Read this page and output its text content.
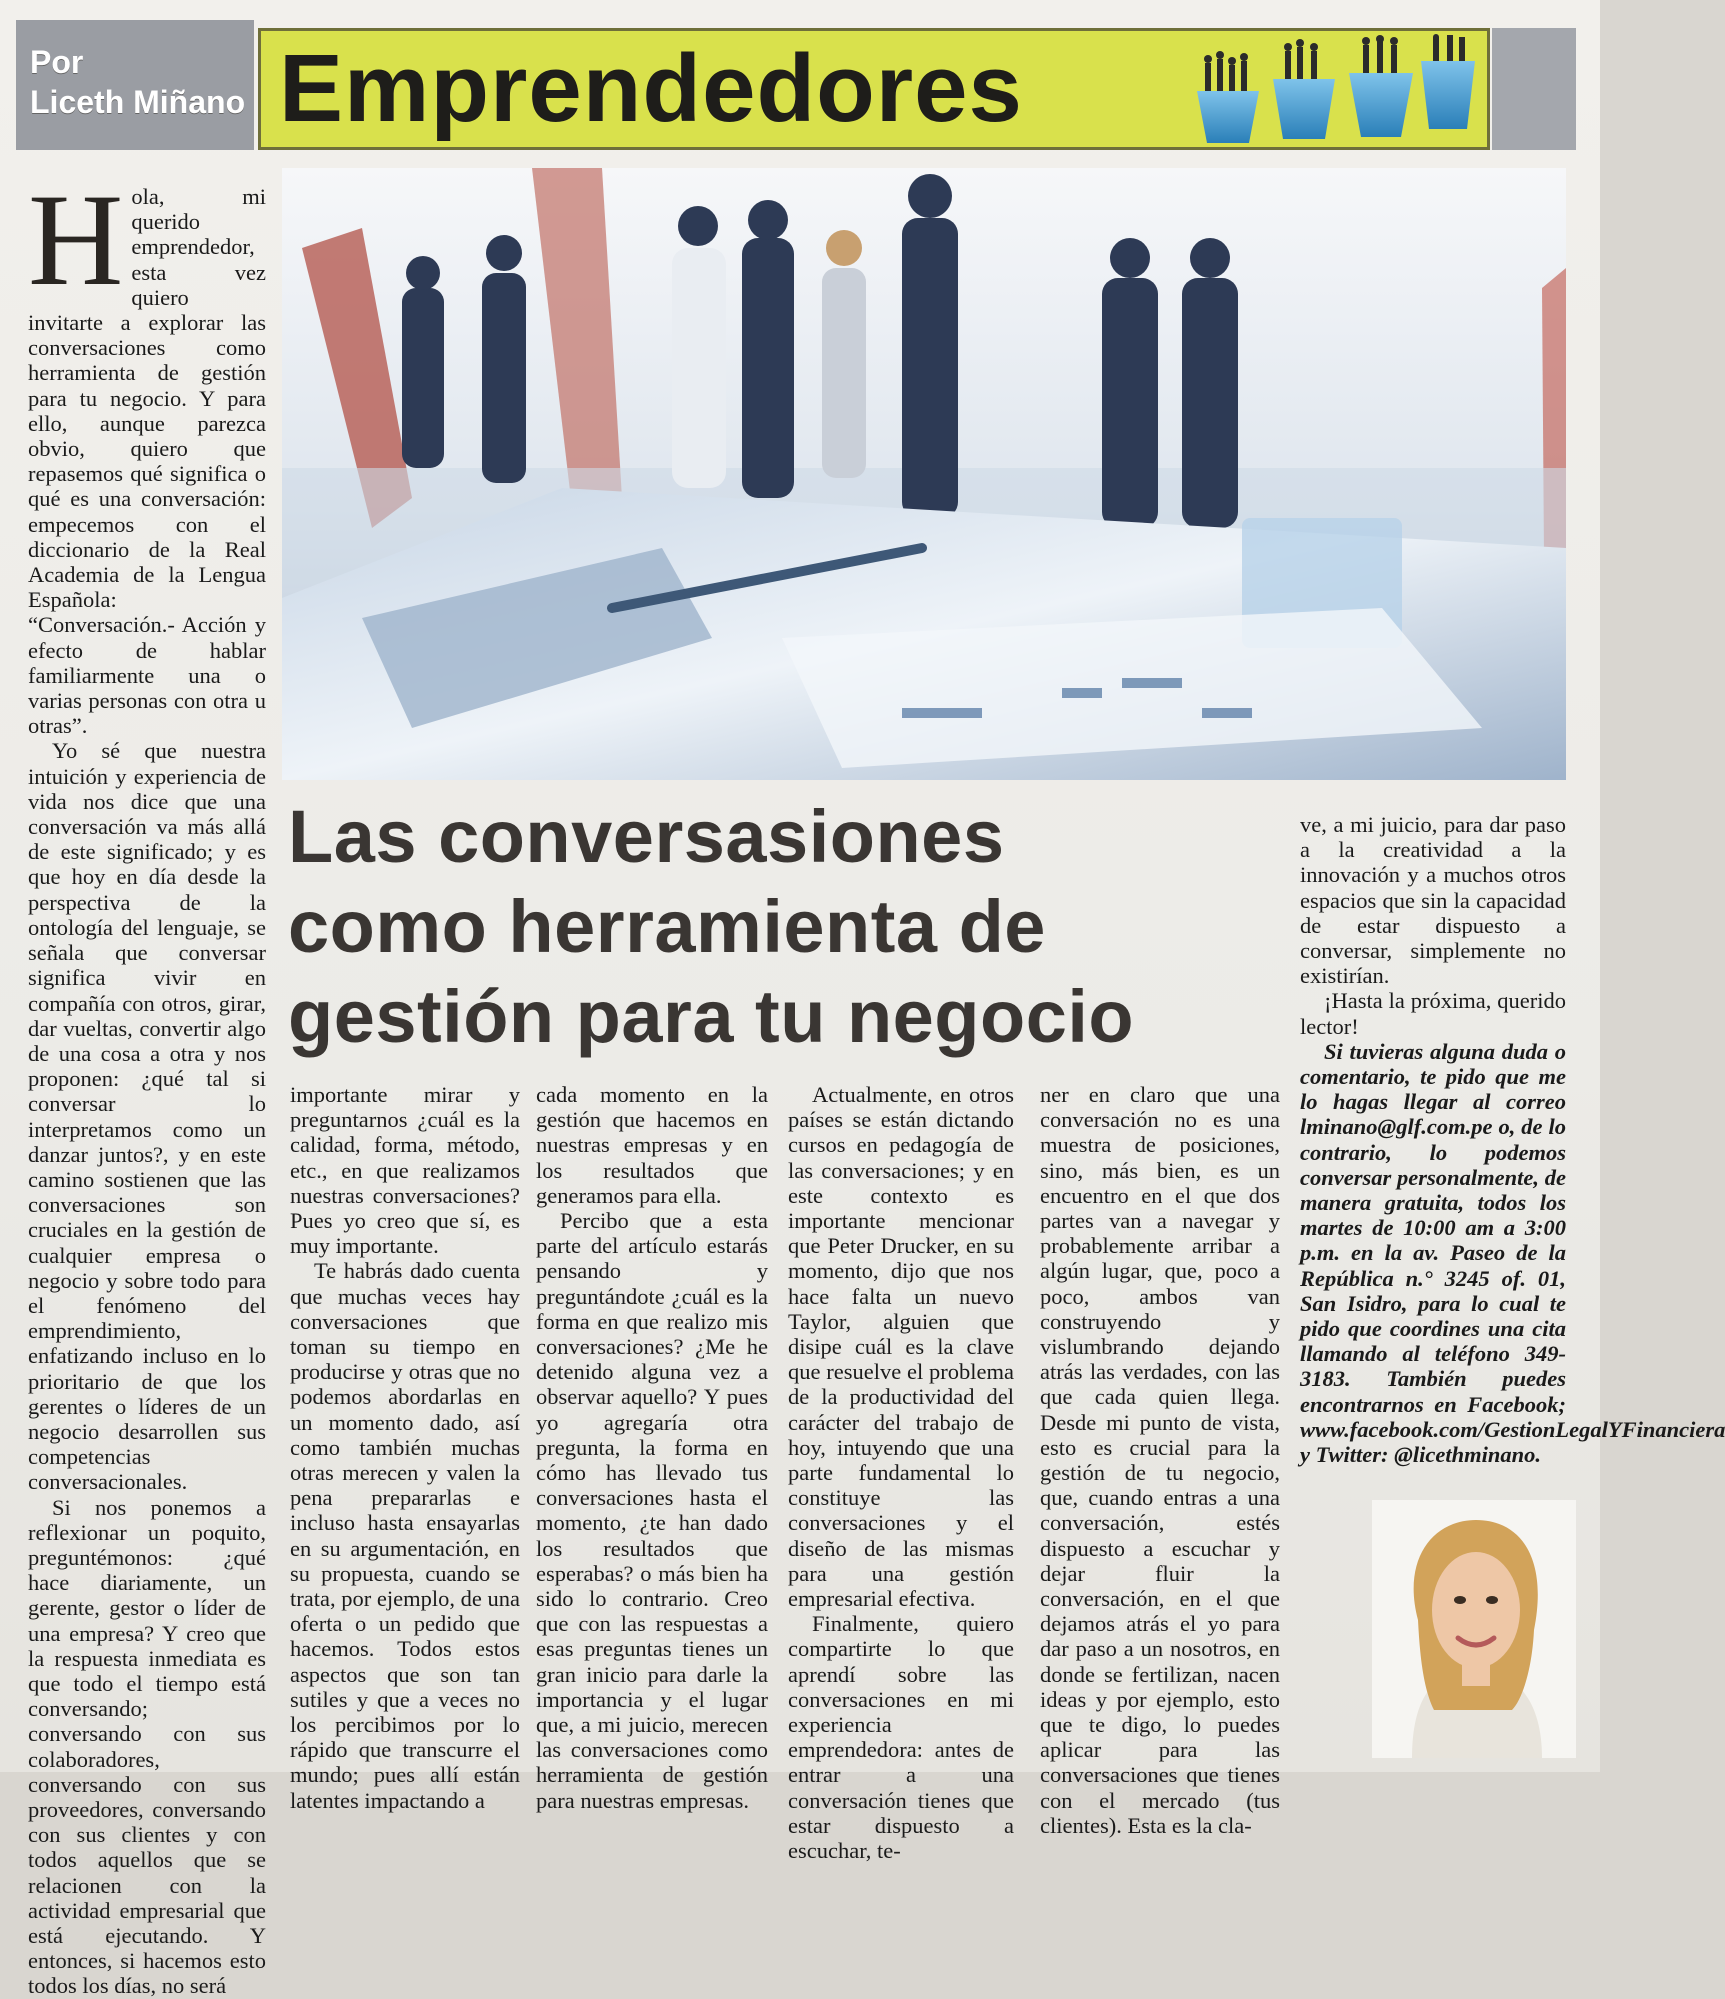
Por
Liceth Miñano Emprendedores
Las conversasiones
como herramienta de
gestión para tu negocio

Hola, mi querido emprendedor, esta vez quiero invitarte a explorar las conversaciones como herramienta de gestión para tu negocio. Y para ello, aunque parezca obvio, quiero que repasemos qué significa o qué es una conversación: empecemos con el diccionario de la Real Academia de la Lengua Española: “Conversación.- Acción y efecto de hablar familiarmente una o varias personas con otra u otras”.

Yo sé que nuestra intuición y experiencia de vida nos dice que una conversación va más allá de este significado; y es que hoy en día desde la perspectiva de la ontología del lenguaje, se señala que conversar significa vivir en compañía con otros, girar, dar vueltas, convertir algo de una cosa a otra y nos proponen: ¿qué tal si conversar lo interpretamos como un danzar juntos?, y en este camino sostienen que las conversaciones son cruciales en la gestión de cualquier empresa o negocio y sobre todo para el fenómeno del emprendimiento, enfatizando incluso en lo prioritario de que los gerentes o líderes de un negocio desarrollen sus competencias conversacionales.

Si nos ponemos a reflexionar un poquito, preguntémonos: ¿qué hace diariamente, un gerente, gestor o líder de una empresa? Y creo que la respuesta inmediata es que todo el tiempo está conversando; conversando con sus colaboradores, conversando con sus proveedores, conversando con sus clientes y con todos aquellos que se relacionen con la actividad empresarial que está ejecutando. Y entonces, si hacemos esto todos los días, no será

importante mirar y preguntarnos ¿cuál es la calidad, forma, método, etc., en que realizamos nuestras conversaciones? Pues yo creo que sí, es muy importante.

Te habrás dado cuenta que muchas veces hay conversaciones que toman su tiempo en producirse y otras que no podemos abordarlas en un momento dado, así como también muchas otras merecen y valen la pena prepararlas e incluso hasta ensayarlas en su argumentación, en su propuesta, cuando se trata, por ejemplo, de una oferta o un pedido que hacemos. Todos estos aspectos que son tan sutiles y que a veces no los percibimos por lo rápido que transcurre el mundo; pues allí están latentes impactando a

cada momento en la gestión que hacemos en nuestras empresas y en los resultados que generamos para ella.

Percibo que a esta parte del artículo estarás pensando y preguntándote ¿cuál es la forma en que realizo mis conversaciones? ¿Me he detenido alguna vez a observar aquello? Y pues yo agregaría otra pregunta, la forma en cómo has llevado tus conversaciones hasta el momento, ¿te han dado los resultados que esperabas? o más bien ha sido lo contrario. Creo que con las respuestas a esas preguntas tienes un gran inicio para darle la importancia y el lugar que, a mi juicio, merecen las conversaciones como herramienta de gestión para nuestras empresas.

Actualmente, en otros países se están dictando cursos en pedagogía de las conversaciones; y en este contexto es importante mencionar que Peter Drucker, en su momento, dijo que nos hace falta un nuevo Taylor, alguien que disipe cuál es la clave que resuelve el problema de la productividad del carácter del trabajo de hoy, intuyendo que una parte fundamental lo constituye las conversaciones y el diseño de las mismas para una gestión empresarial efectiva.

Finalmente, quiero compartirte lo que aprendí sobre las conversaciones en mi experiencia emprendedora: antes de entrar a una conversación tienes que estar dispuesto a escuchar, te-

ner en claro que una conversación no es una muestra de posiciones, sino, más bien, es un encuentro en el que dos partes van a navegar y probablemente arribar a algún lugar, que, poco a poco, ambos van construyendo y vislumbrando dejando atrás las verdades, con las que cada quien llega. Desde mi punto de vista, esto es crucial para la gestión de tu negocio, que, cuando entras a una conversación, estés dispuesto a escuchar y dejar fluir la conversación, en el que dejamos atrás el yo para dar paso a un nosotros, en donde se fertilizan, nacen ideas y por ejemplo, esto que te digo, lo puedes aplicar para las conversaciones que tienes con el mercado (tus clientes). Esta es la cla-

ve, a mi juicio, para dar paso a la creatividad a la innovación y a muchos otros espacios que sin la capacidad de estar dispuesto a conversar, simplemente no existirían.

¡Hasta la próxima, querido lector!

Si tuvieras alguna duda o comentario, te pido que me lo hagas llegar al correo lminano@glf.com.pe o, de lo contrario, lo podemos conversar personalmente, de manera gratuita, todos los martes de 10:00 am a 3:00 p.m. en la av. Paseo de la República n.° 3245 of. 01, San Isidro, para lo cual te pido que coordines una cita llamando al teléfono 349-3183. También puedes encontrarnos en Facebook; www.facebook.com/GestionLegalYFinanciera y Twitter: @licethminano.
